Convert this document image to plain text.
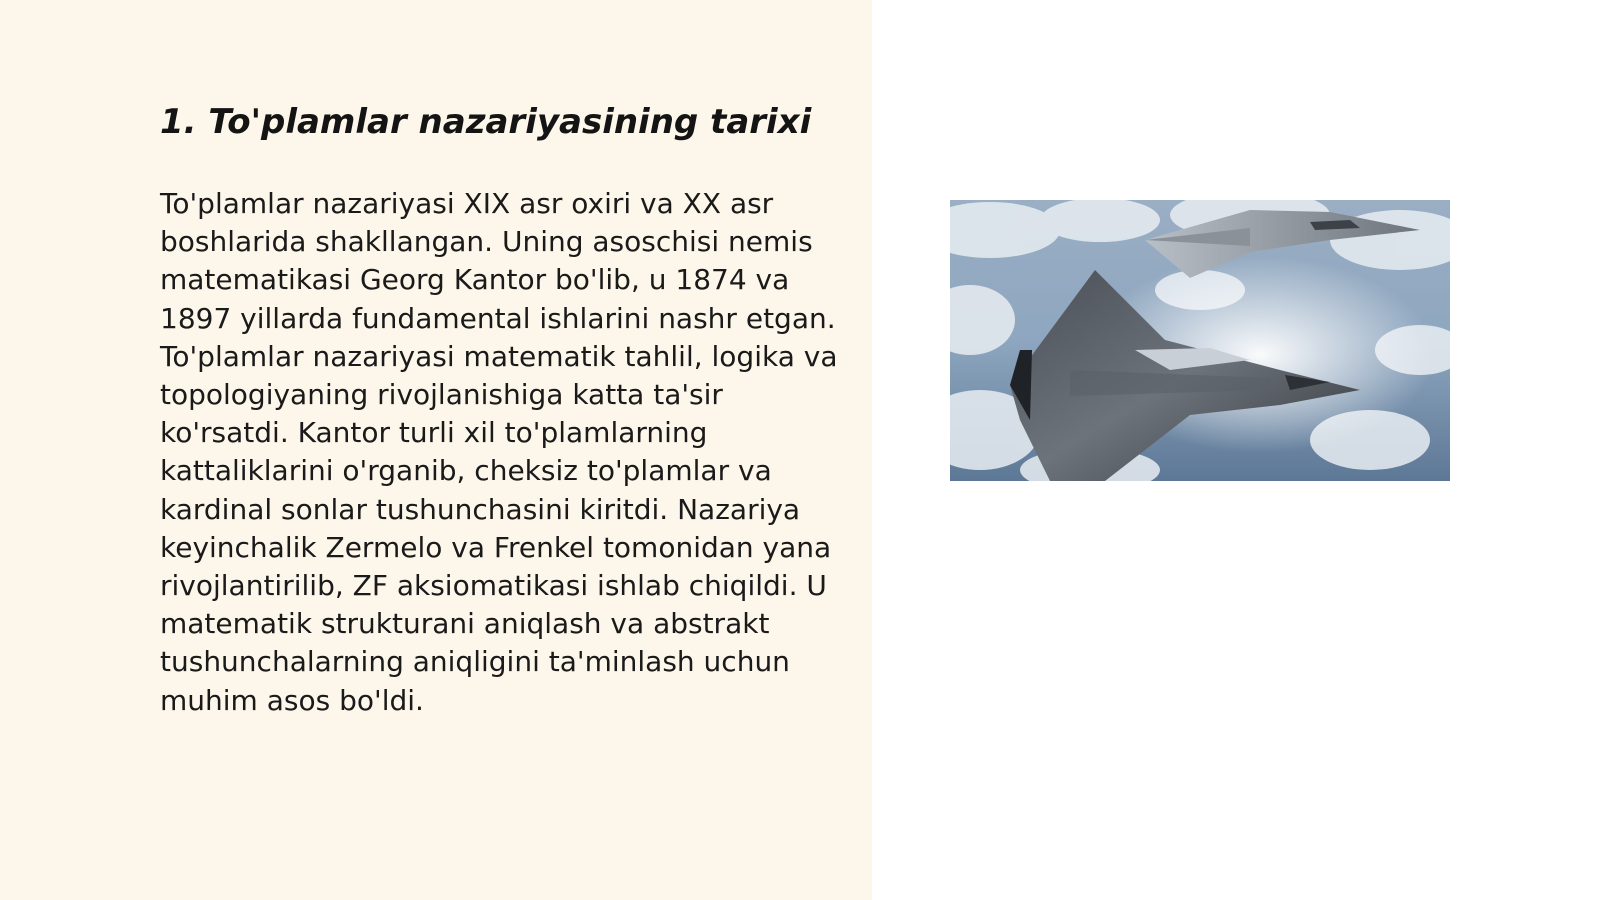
1. To'plamlar nazariyasining tarixi

To'plamlar nazariyasi XIX asr oxiri va XX asr boshlarida shakllangan. Uning asoschisi nemis matematikasi Georg Kantor bo'lib, u 1874 va 1897 yillarda fundamental ishlarini nashr etgan. To'plamlar nazariyasi matematik tahlil, logika va topologiyaning rivojlanishiga katta ta'sir ko'rsatdi. Kantor turli xil to'plamlarning kattaliklarini o'rganib, cheksiz to'plamlar va kardinal sonlar tushunchasini kiritdi. Nazariya keyinchalik Zermelo va Frenkel tomonidan yana rivojlantirilib, ZF aksiomatikasi ishlab chiqildi. U matematik strukturani aniqlash va abstrakt tushunchalarning aniqligini ta'minlash uchun muhim asos bo'ldi.
